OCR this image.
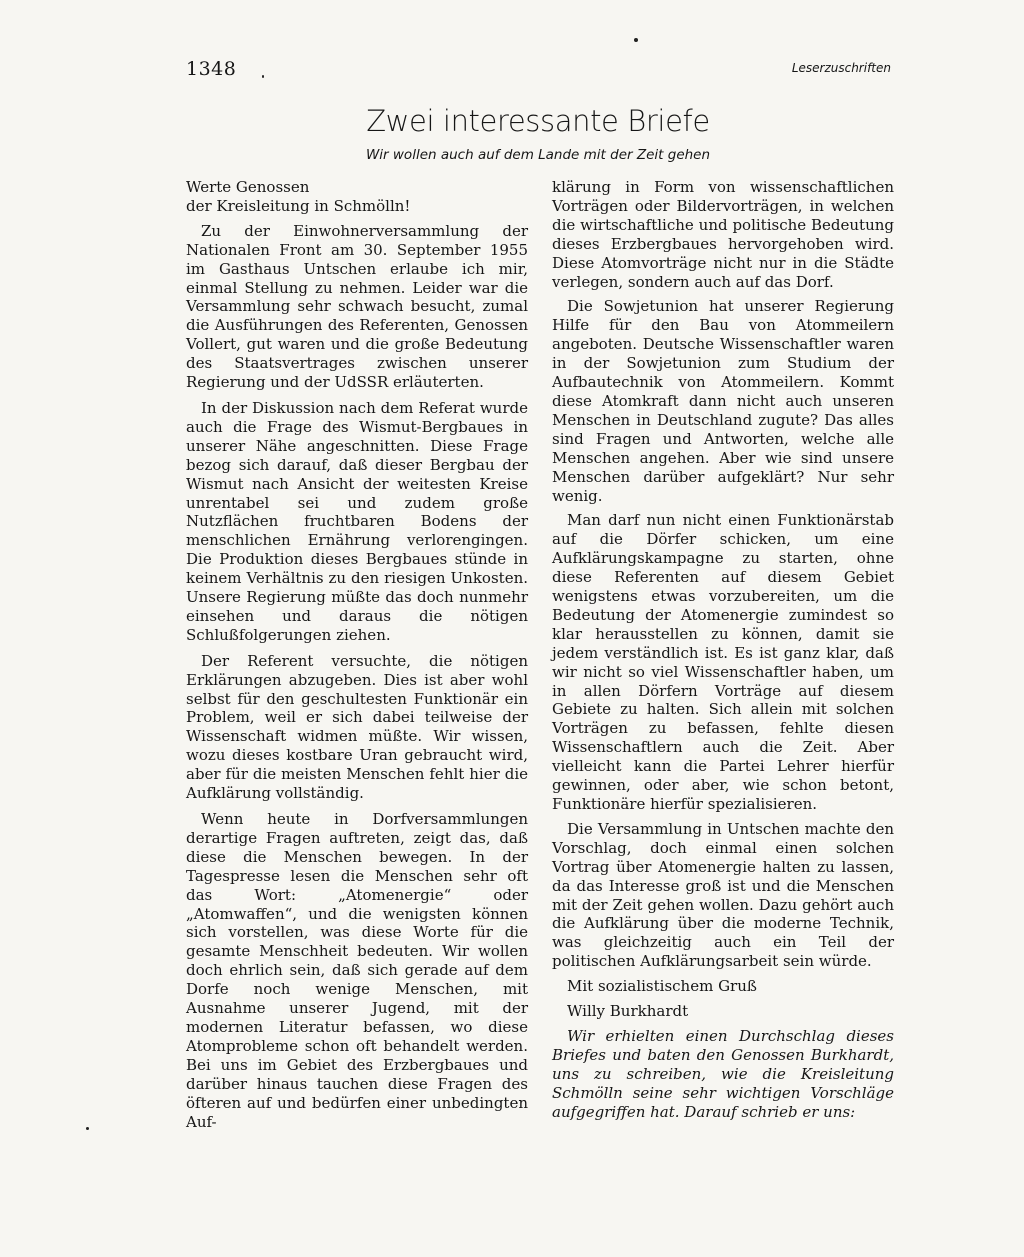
1348	Leserzuschriften
Zwei interessante Briefe
Wir wollen auch auf dem Lande mit der Zeit gehen

Werte Genossen

der Kreisleitung in Schmölln!

Zu der Einwohnerversammlung der Nationalen Front am 30. September 1955 im Gasthaus Untschen erlaube ich mir, einmal Stellung zu nehmen. Leider war die Versammlung sehr schwach besucht, zumal die Ausführungen des Referenten, Genossen Vollert, gut waren und die große Bedeutung des Staatsvertrages zwischen unserer Regierung und der UdSSR erläuterten.

In der Diskussion nach dem Referat wurde auch die Frage des Wismut-Bergbaues in unserer Nähe angeschnitten. Diese Frage bezog sich darauf, daß dieser Bergbau der Wismut nach Ansicht der weitesten Kreise unrentabel sei und zudem große Nutzflächen fruchtbaren Bodens der menschlichen Ernährung verlorengingen. Die Produktion dieses Bergbaues stünde in keinem Verhältnis zu den riesigen Unkosten. Unsere Regierung müßte das doch nunmehr einsehen und daraus die nötigen Schlußfolgerungen ziehen.

Der Referent versuchte, die nötigen Erklärungen abzugeben. Dies ist aber wohl selbst für den geschultesten Funktionär ein Problem, weil er sich dabei teilweise der Wissenschaft widmen müßte. Wir wissen, wozu dieses kostbare Uran gebraucht wird, aber für die meisten Menschen fehlt hier die Aufklärung vollständig.

Wenn heute in Dorfversammlungen derartige Fragen auftreten, zeigt das, daß diese die Menschen bewegen. In der Tagespresse lesen die Menschen sehr oft das Wort: „Atomenergie“ oder „Atomwaffen“, und die wenigsten können sich vorstellen, was diese Worte für die gesamte Menschheit bedeuten. Wir wollen doch ehrlich sein, daß sich gerade auf dem Dorfe noch wenige Menschen, mit Ausnahme unserer Jugend, mit der modernen Literatur befassen, wo diese Atomprobleme schon oft behandelt werden. Bei uns im Gebiet des Erzbergbaues und darüber hinaus tauchen diese Fragen des öfteren auf und bedürfen einer unbedingten Auf-

klärung in Form von wissenschaftlichen Vorträgen oder Bildervorträgen, in welchen die wirtschaftliche und politische Bedeutung dieses Erzbergbaues hervorgehoben wird. Diese Atomvorträge nicht nur in die Städte verlegen, sondern auch auf das Dorf.

Die Sowjetunion hat unserer Regierung Hilfe für den Bau von Atommeilern angeboten. Deutsche Wissenschaftler waren in der Sowjetunion zum Studium der Aufbautechnik von Atommeilern. Kommt diese Atomkraft dann nicht auch unseren Menschen in Deutschland zugute? Das alles sind Fragen und Antworten, welche alle Menschen angehen. Aber wie sind unsere Menschen darüber aufgeklärt? Nur sehr wenig.

Man darf nun nicht einen Funktionärstab auf die Dörfer schicken, um eine Aufklärungskampagne zu starten, ohne diese Referenten auf diesem Gebiet wenigstens etwas vorzubereiten, um die Bedeutung der Atomenergie zumindest so klar herausstellen zu können, damit sie jedem verständlich ist. Es ist ganz klar, daß wir nicht so viel Wissenschaftler haben, um in allen Dörfern Vorträge auf diesem Gebiete zu halten. Sich allein mit solchen Vorträgen zu befassen, fehlte diesen Wissenschaftlern auch die Zeit. Aber vielleicht kann die Partei Lehrer hierfür gewinnen, oder aber, wie schon betont, Funktionäre hierfür spezialisieren.

Die Versammlung in Untschen machte den Vorschlag, doch einmal einen solchen Vortrag über Atomenergie halten zu lassen, da das Interesse groß ist und die Menschen mit der Zeit gehen wollen. Dazu gehört auch die Aufklärung über die moderne Technik, was gleichzeitig auch ein Teil der politischen Aufklärungsarbeit sein würde.

Mit sozialistischem Gruß

Willy Burkhardt

Wir erhielten einen Durchschlag dieses Briefes und baten den Genossen Burkhardt, uns zu schreiben, wie die Kreisleitung Schmölln seine sehr wichtigen Vorschläge aufgegriffen hat. Darauf schrieb er uns:
